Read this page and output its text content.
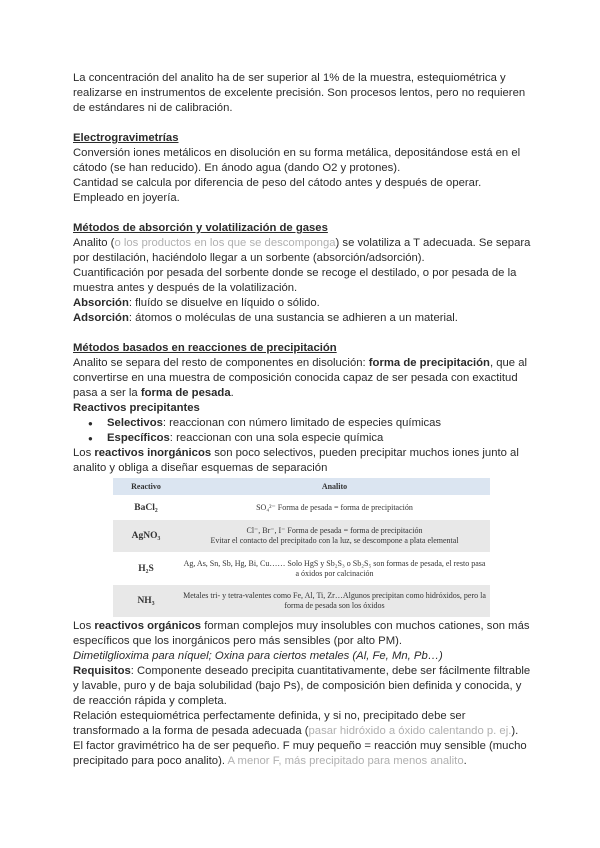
La concentración del analito ha de ser superior al 1% de la muestra, estequiométrica y realizarse en instrumentos de excelente precisión. Son procesos lentos, pero no requieren de estándares ni de calibración.

Electrogravimetrías

Conversión iones metálicos en disolución en su forma metálica, depositándose está en el cátodo (se han reducido). En ánodo agua (dando O2 y protones).

Cantidad se calcula por diferencia de peso del cátodo antes y después de operar.

Empleado en joyería.

Métodos de absorción y volatilización de gases

Analito (o los productos en los que se descomponga) se volatiliza a T adecuada. Se separa por destilación, haciéndolo llegar a un sorbente (absorción/adsorción).

Cuantificación por pesada del sorbente donde se recoge el destilado, o por pesada de la muestra antes y después de la volatilización.

Absorción: fluído se disuelve en líquido o sólido.

Adsorción: átomos o moléculas de una sustancia se adhieren a un material.

Métodos basados en reacciones de precipitación

Analito se separa del resto de componentes en disolución: forma de precipitación, que al convertirse en una muestra de composición conocida capaz de ser pesada con exactitud pasa a ser la forma de pesada.

Reactivos precipitantes

● Selectivos: reaccionan con número limitado de especies químicas
● Específicos: reaccionan con una sola especie química

Los reactivos inorgánicos son poco selectivos, pueden precipitar muchos iones junto al analito y obliga a diseñar esquemas de separación

Reactivo	Analito
BaCl₂	SO₄²⁻ Forma de pesada = forma de precipitación
AgNO₃	Cl⁻, Br⁻, I⁻ Forma de pesada = forma de precipitación
Evitar el contacto del precipitado con la luz, se descompone a plata elemental
H₂S	Ag, As, Sn, Sb, Hg, Bi, Cu…… Solo HgS y Sb₂S₃ o Sb₂S₅ son formas de pesada, el resto pasa a óxidos por calcinación
NH₃	Metales tri- y tetra-valentes como Fe, Al, Ti, Zr…Algunos precipitan como hidróxidos, pero la forma de pesada son los óxidos

Los reactivos orgánicos forman complejos muy insolubles con muchos cationes, son más específicos que los inorgánicos pero más sensibles (por alto PM).

Dimetilglioxima para níquel; Oxina para ciertos metales (Al, Fe, Mn, Pb…)

Requisitos: Componente deseado precipita cuantitativamente, debe ser fácilmente filtrable y lavable, puro y de baja solubilidad (bajo Ps), de composición bien definida y conocida, y de reacción rápida y completa.

Relación estequiométrica perfectamente definida, y si no, precipitado debe ser transformado a la forma de pesada adecuada (pasar hidróxido a óxido calentando p. ej.).

El factor gravimétrico ha de ser pequeño. F muy pequeño = reacción muy sensible (mucho precipitado para poco analito). A menor F, más precipitado para menos analito.
